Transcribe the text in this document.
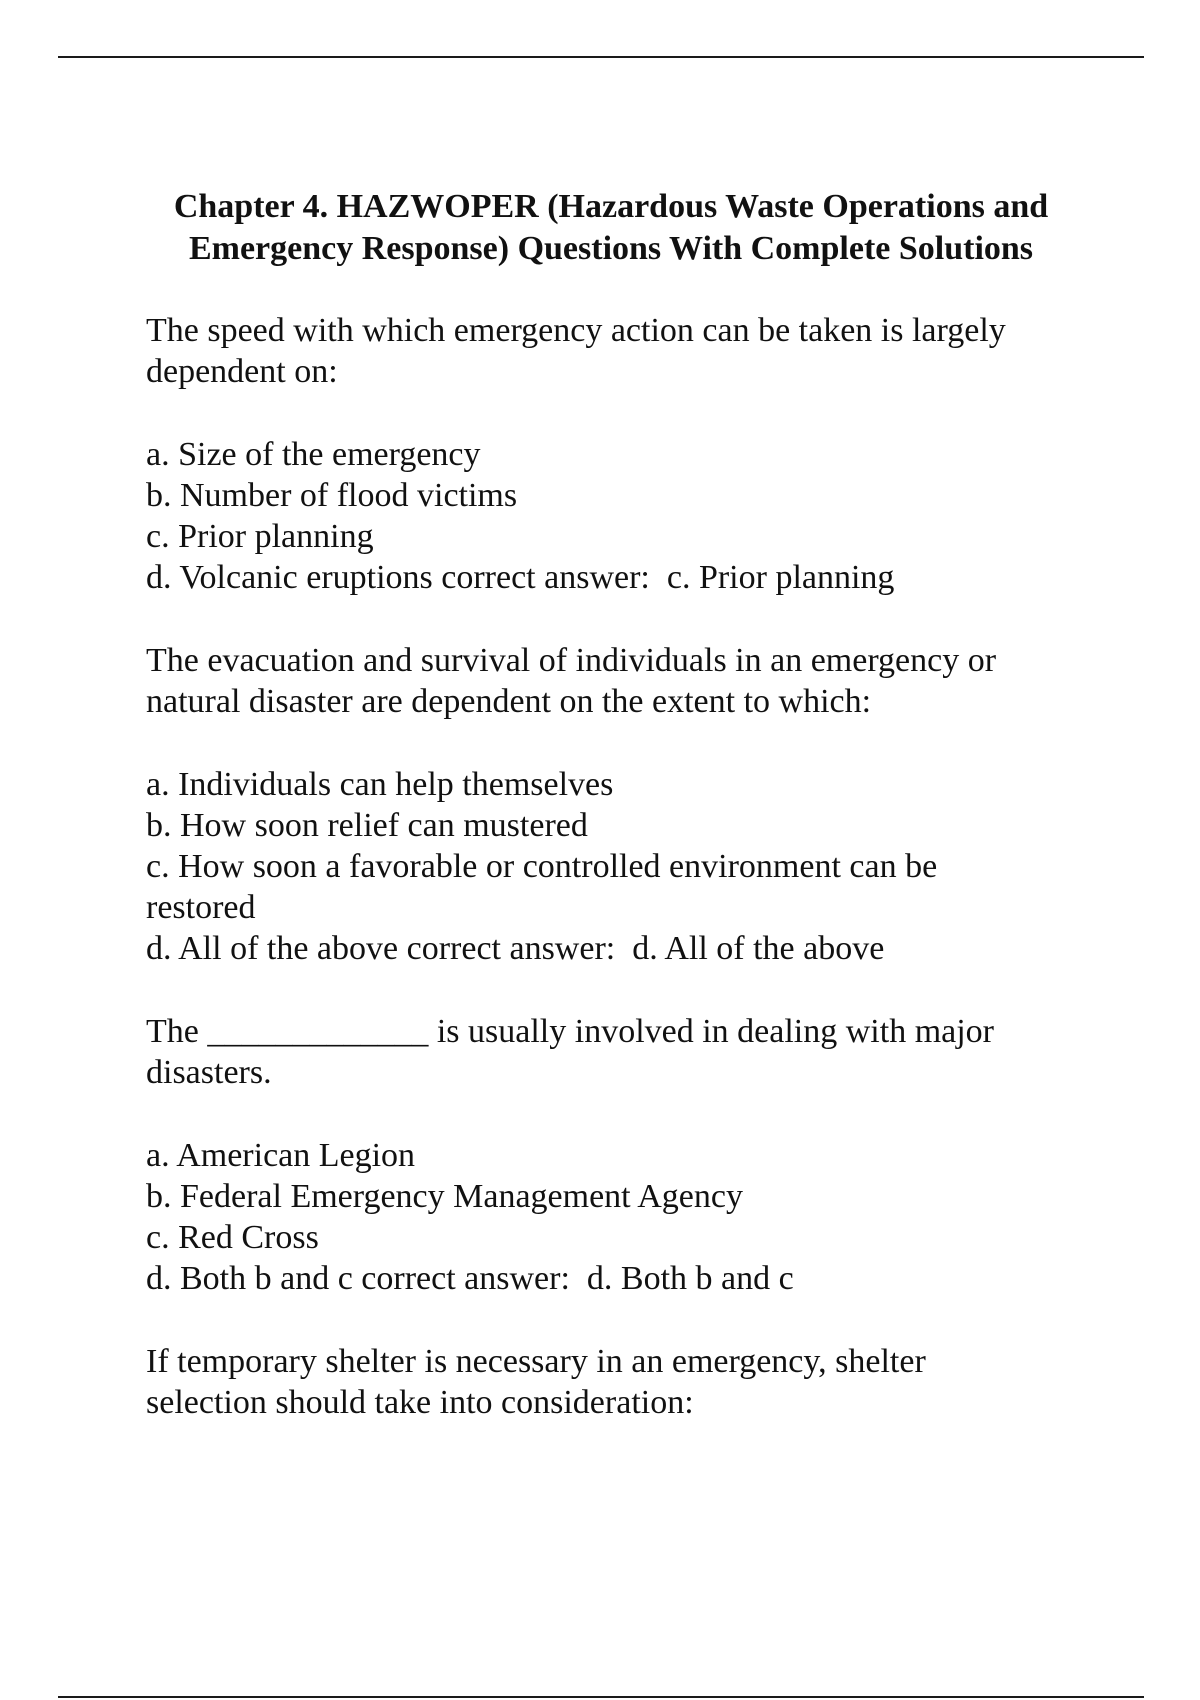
Chapter 4. HAZWOPER (Hazardous Waste Operations and
Emergency Response) Questions With Complete Solutions
The speed with which emergency action can be taken is largely
dependent on:
a. Size of the emergency
b. Number of flood victims
c. Prior planning
d. Volcanic eruptions correct answer:  c. Prior planning
The evacuation and survival of individuals in an emergency or
natural disaster are dependent on the extent to which:
a. Individuals can help themselves
b. How soon relief can mustered
c. How soon a favorable or controlled environment can be
restored
d. All of the above correct answer:  d. All of the above
The _____________ is usually involved in dealing with major
disasters.
a. American Legion
b. Federal Emergency Management Agency
c. Red Cross
d. Both b and c correct answer:  d. Both b and c
If temporary shelter is necessary in an emergency, shelter
selection should take into consideration:
